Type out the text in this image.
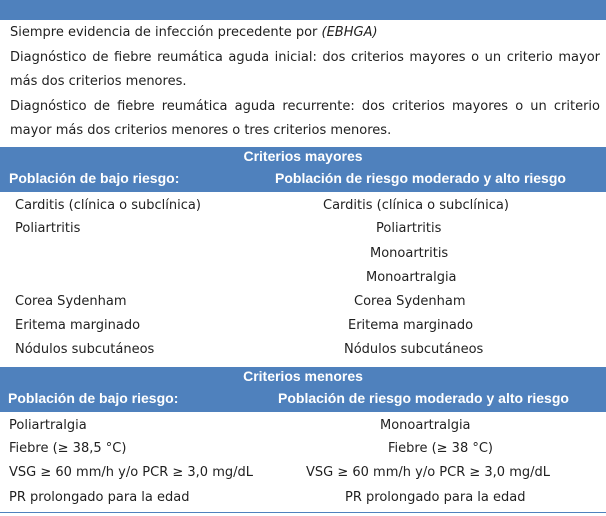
Siempre evidencia de infección precedente por (EBHGA)

Diagnóstico de fiebre reumática aguda inicial: dos criterios mayores o un criterio mayor más dos criterios menores.

Diagnóstico de fiebre reumática aguda recurrente: dos criterios mayores o un criterio mayor más dos criterios menores o tres criterios menores.

Criterios mayores
Población de bajo riesgo:	Población de riesgo moderado y alto riesgo
Carditis (clínica o subclínica)
Poliartritis
Corea Sydenham
Eritema marginado
Nódulos subcutáneos
Carditis (clínica o subclínica)
Poliartritis
Monoartritis
Monoartralgia
Corea Sydenham
Eritema marginado
Nódulos subcutáneos
Criterios menores
Población de bajo riesgo:	Población de riesgo moderado y alto riesgo
Poliartralgia
Fiebre (≥ 38,5 °C)
VSG ≥ 60 mm/h y/o PCR ≥ 3,0 mg/dL
PR prolongado para la edad
Monoartralgia
Fiebre (≥ 38 °C)
VSG ≥ 60 mm/h y/o PCR ≥ 3,0 mg/dL
PR prolongado para la edad
